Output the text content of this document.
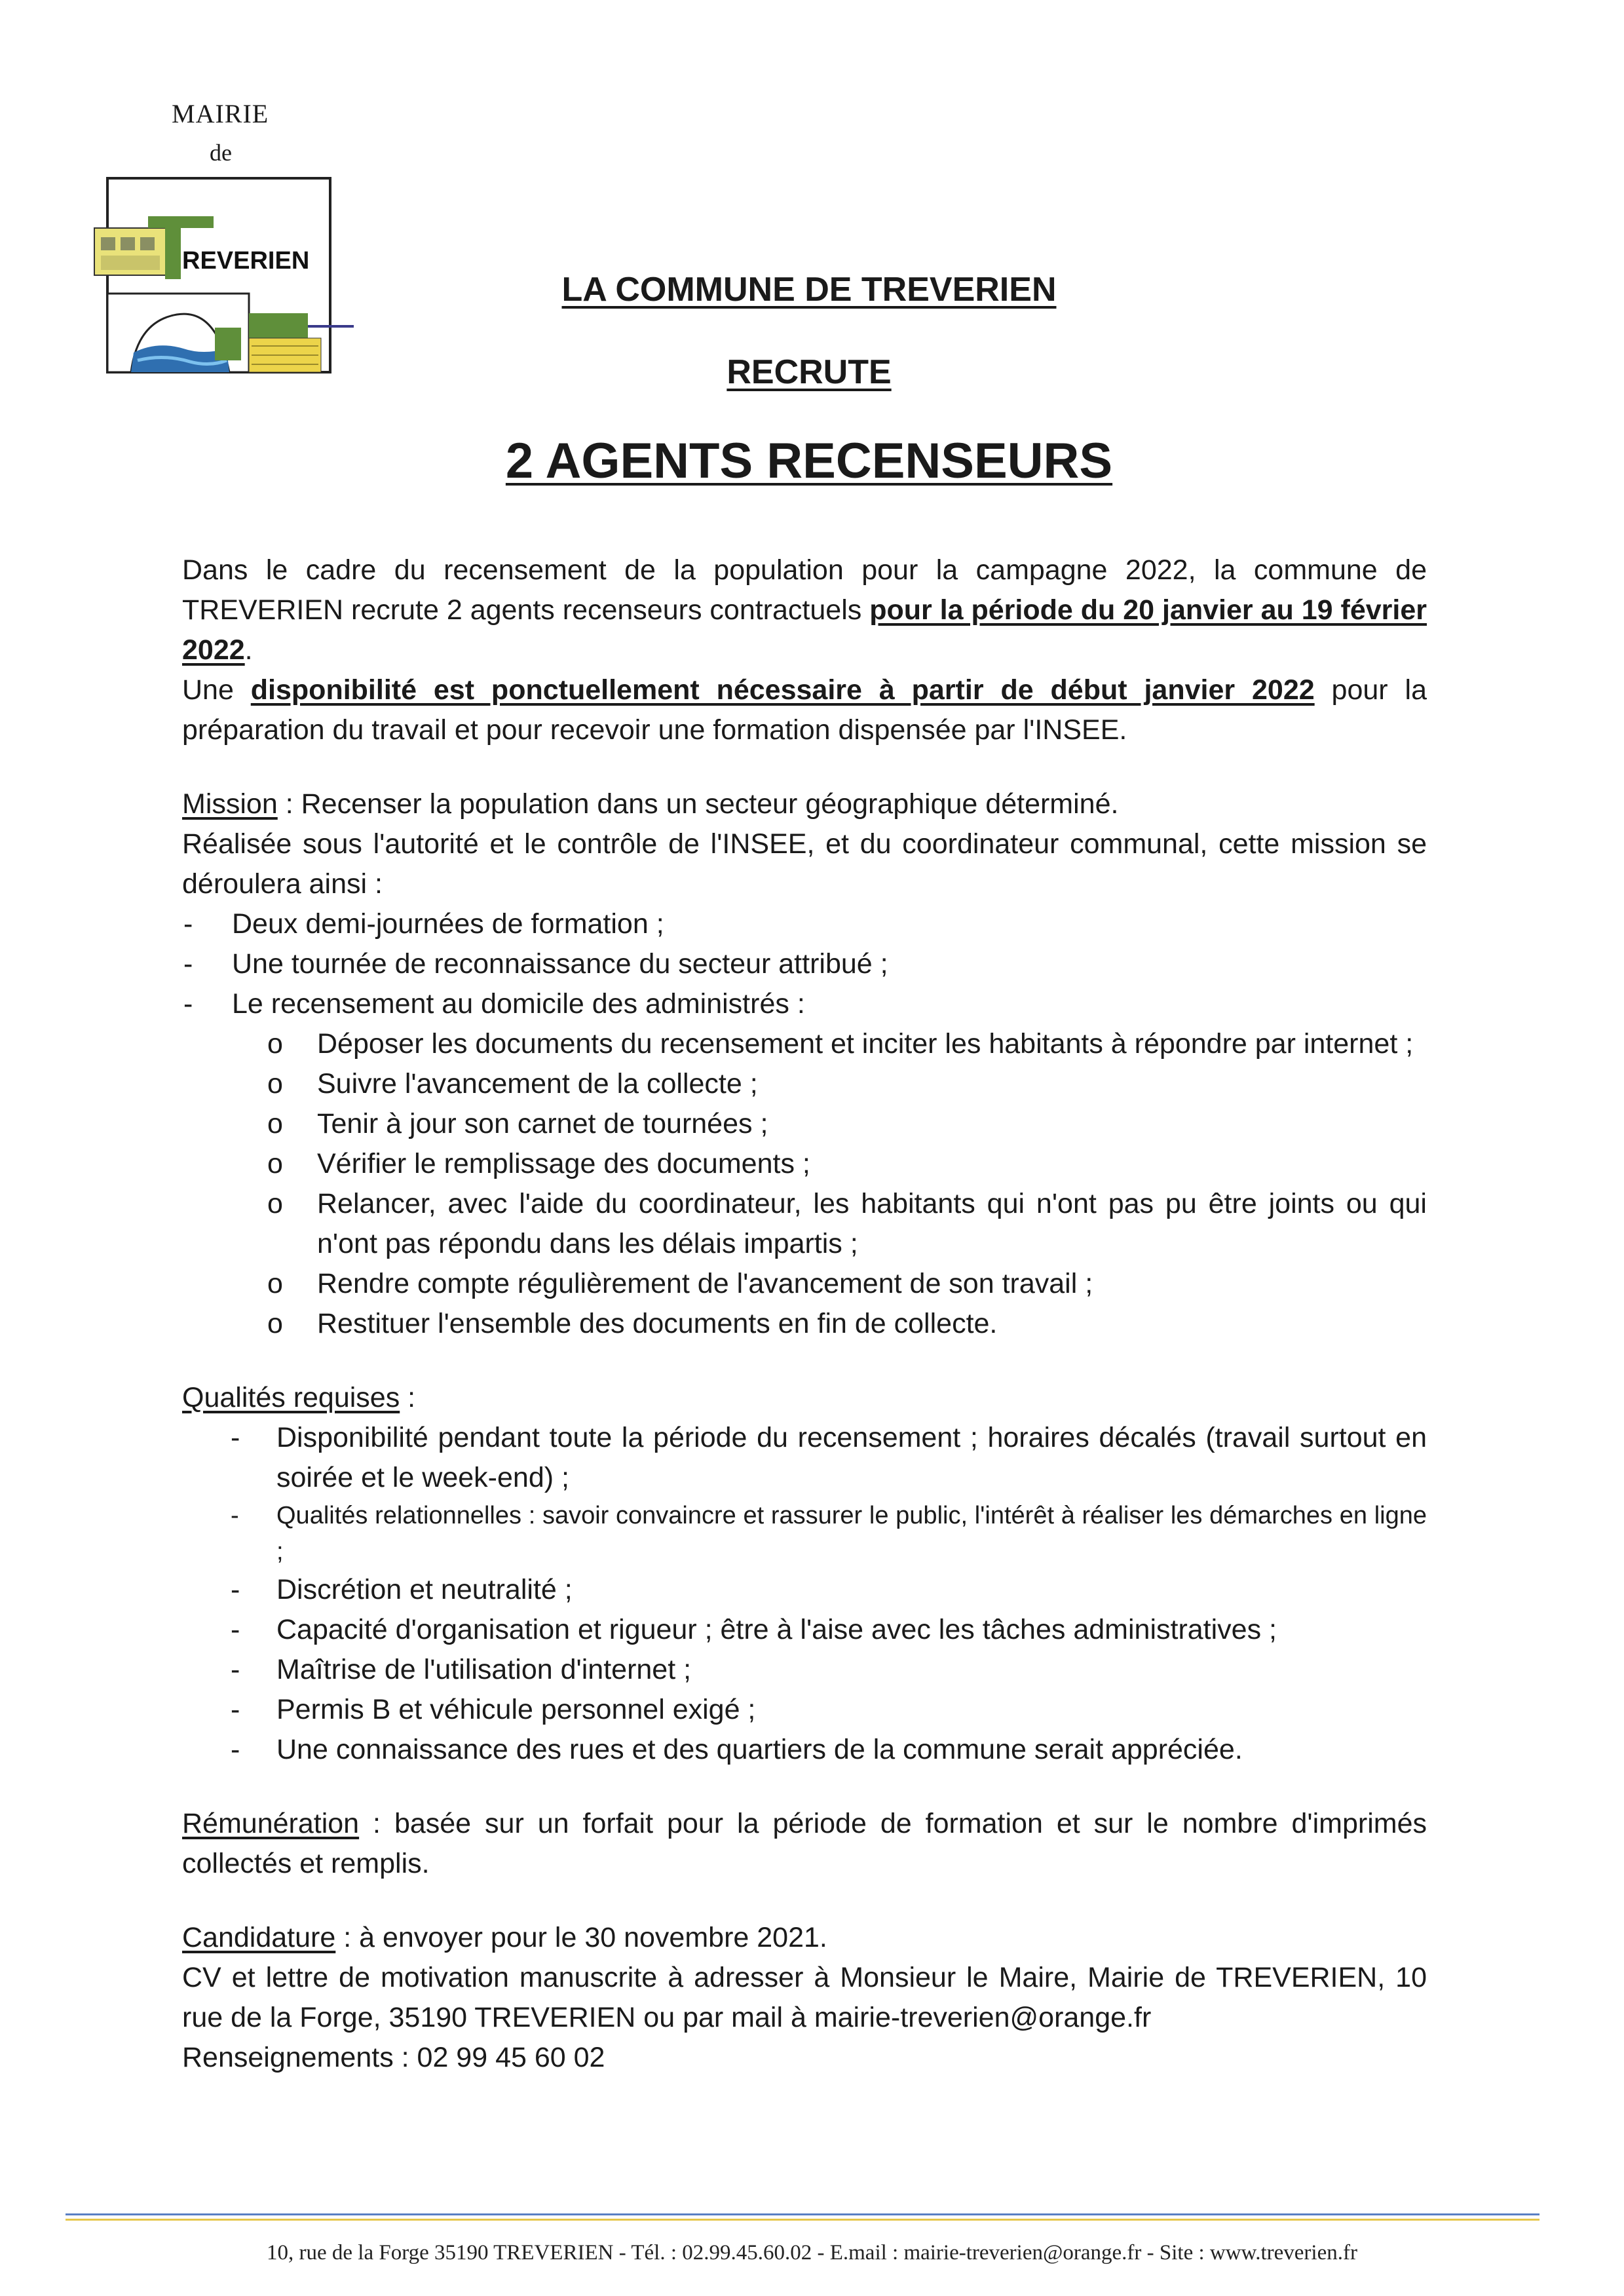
MAIRIE
de
REVERIEN
LA COMMUNE DE TREVERIEN
RECRUTE
2 AGENTS RECENSEURS

Dans le cadre du recensement de la population pour la campagne 2022, la commune de TREVERIEN recrute 2 agents recenseurs contractuels pour la période du 20 janvier au 19 février 2022.

Une disponibilité est ponctuellement nécessaire à partir de début janvier 2022 pour la préparation du travail et pour recevoir une formation dispensée par l'INSEE.

Mission : Recenser la population dans un secteur géographique déterminé.

Réalisée sous l'autorité et le contrôle de l'INSEE, et du coordinateur communal, cette mission se déroulera ainsi :

- Deux demi-journées de formation ;
- Une tournée de reconnaissance du secteur attribué ;
- Le recensement au domicile des administrés :
o Déposer les documents du recensement et inciter les habitants à répondre par internet ;
o Suivre l'avancement de la collecte ;
o Tenir à jour son carnet de tournées ;
o Vérifier le remplissage des documents ;
o Relancer, avec l'aide du coordinateur, les habitants qui n'ont pas pu être joints ou qui n'ont pas répondu dans les délais impartis ;
o Rendre compte régulièrement de l'avancement de son travail ;
o Restituer l'ensemble des documents en fin de collecte.

Qualités requises :

- Disponibilité pendant toute la période du recensement ; horaires décalés (travail surtout en soirée et le week-end) ;
- Qualités relationnelles : savoir convaincre et rassurer le public, l'intérêt à réaliser les démarches en ligne ;
- Discrétion et neutralité ;
- Capacité d'organisation et rigueur ; être à l'aise avec les tâches administratives ;
- Maîtrise de l'utilisation d'internet ;
- Permis B et véhicule personnel exigé ;
- Une connaissance des rues et des quartiers de la commune serait appréciée.

Rémunération : basée sur un forfait pour la période de formation et sur le nombre d'imprimés collectés et remplis.

Candidature : à envoyer pour le 30 novembre 2021.

CV et lettre de motivation manuscrite à adresser à Monsieur le Maire, Mairie de TREVERIEN, 10 rue de la Forge, 35190 TREVERIEN ou par mail à mairie-treverien@orange.fr

Renseignements : 02 99 45 60 02

10, rue de la Forge 35190 TREVERIEN - Tél. : 02.99.45.60.02 - E.mail : mairie-treverien@orange.fr - Site : www.treverien.fr
